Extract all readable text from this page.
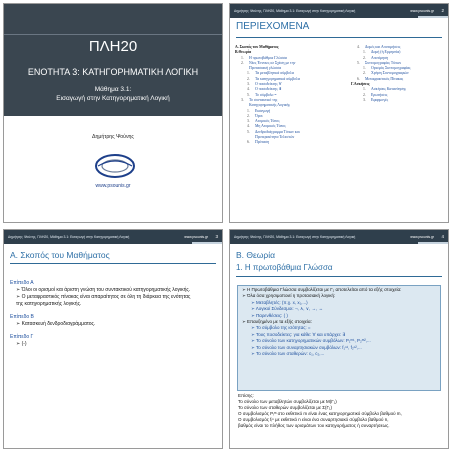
ΠΛΗ20
ΕΝΟΤΗΤΑ 3: ΚΑΤΗΓΟΡΗΜΑΤΙΚΗ ΛΟΓΙΚΗ
Μάθημα 3.1:
Εισαγωγή στην Κατηγορηματική Λογική
Δημήτρης Ψούνης
www.psounis.gr
Δημήτρης Ψούνης, ΠΛΗ20, Μάθημα 3.1: Εισαγωγή στην Κατηγορηματική Λογική	www.psounis.gr 2
ΠΕΡΙΕΧΟΜΕΝΑ
A. Σκοπός του Μαθήματος
B.Θεωρία
1. Η πρωτοβάθμια Γλώσσα
2. Νέες Έννοιες σε Σχέση με την
Προτασιακή γλώσσα
1. Τα μεταβλητικά σύμβολα
2. Τα κατηγορηματικά σύμβολα
3. Ο ποσοδείκτης ∀
4. Ο ποσοδείκτης ∃
5. Το σύμβολο =
3. Το συντακτικό της
Κατηγορηματικής Λογικής
1. Εισαγωγή
2. Όροι
3. Ατομικός Τύπος
4. Μη Ατομικός Τύπος
5. Δενδροδιάγραμμα Τύπων και
Προτεραιότητα Τελεστών
6. Πρόταση
4. Δομές και Αποτιμήσεις
1. Δομή (ή Ερμηνεία)
2. Αποτίμηση
5. Συντομογραφίες Τύπων
1. Ορισμός Συντομογραφίας
2. Χρήση Συντομογραφιών
6. Μεταφραστικός Πίνακας
Γ.Ασκήσεις
1. Ασκήσεις Κατανόησης
2. Ερωτήσεις
3. Εφαρμογές
Δημήτρης Ψούνης, ΠΛΗ20, Μάθημα 3.1: Εισαγωγή στην Κατηγορηματική Λογική	www.psounis.gr 3
A. Σκοπός του Μαθήματος
Επίπεδο Α
➢ Όλοι οι ορισμοί και άριστη γνώση του συντακτικού κατηγορηματικής λογικής.
➢ Ο μεταφραστικός πίνακας είναι απαραίτητος σε όλη τη διάρκεια της ενότητας
της κατηγορηματικής λογικής.
Επίπεδο Β
➢ Κατασκευή δενδροδιαγράμματος.
Επίπεδο Γ
➢ (-)
Δημήτρης Ψούνης, ΠΛΗ20, Μάθημα 3.1: Εισαγωγή στην Κατηγορηματική Λογική	www.psounis.gr 4
B. Θεωρία
1. Η πρωτοβάθμια Γλώσσα
➢ Η Πρωτοβάθμια Γλώσσα συμβολίζεται με Γ₁ αποτελείται από τα εξής στοιχεία:
➢ Όλα όσα χρησιμοποιεί η προτασιακή λογική:
➢ Μεταβλητές: (π.χ. x, x₁,...)
➢ Λογικοί Σύνδεσμοι: ¬, ∧, ∨, →, ↔
➢ Παρενθέσεις: ( )
➢ Επαυξημένο με τα εξής στοιχεία:
➢ Το σύμβολο της ισότητας: =
➢ Τους ποσοδείκτες: για κάθε: ∀ και υπάρχει: ∃
➢ Το σύνολο των κατηγορηματικών συμβόλων: P₁ᵐ¹, P₂ᵐ²,...
➢ Το σύνολο των συναρτησιακών συμβόλων: f₁ⁿ¹, f₂ⁿ²,...
➢ Το σύνολο των σταθερών: c₁, c₂,...
Επίσης:
Το σύνολο των μεταβλητών συμβολίζεται με Μ(Γ₁)
Το σύνολο των σταθερών συμβολίζεται με Σ(Γ₁)
Ο συμβολισμός Pᵢᵐ στο εκθετικό m είναι ένας κατηγορηματικό σύμβολο βαθμού m,
Ο συμβολισμός fᵢⁿ με εκθετικό n είναι ένα συναρτησιακό σύμβολο βαθμού n,
βαθμός είναι το πλήθος των ορισμάτων του κατηγορήματος ή συναρτήσεως.
